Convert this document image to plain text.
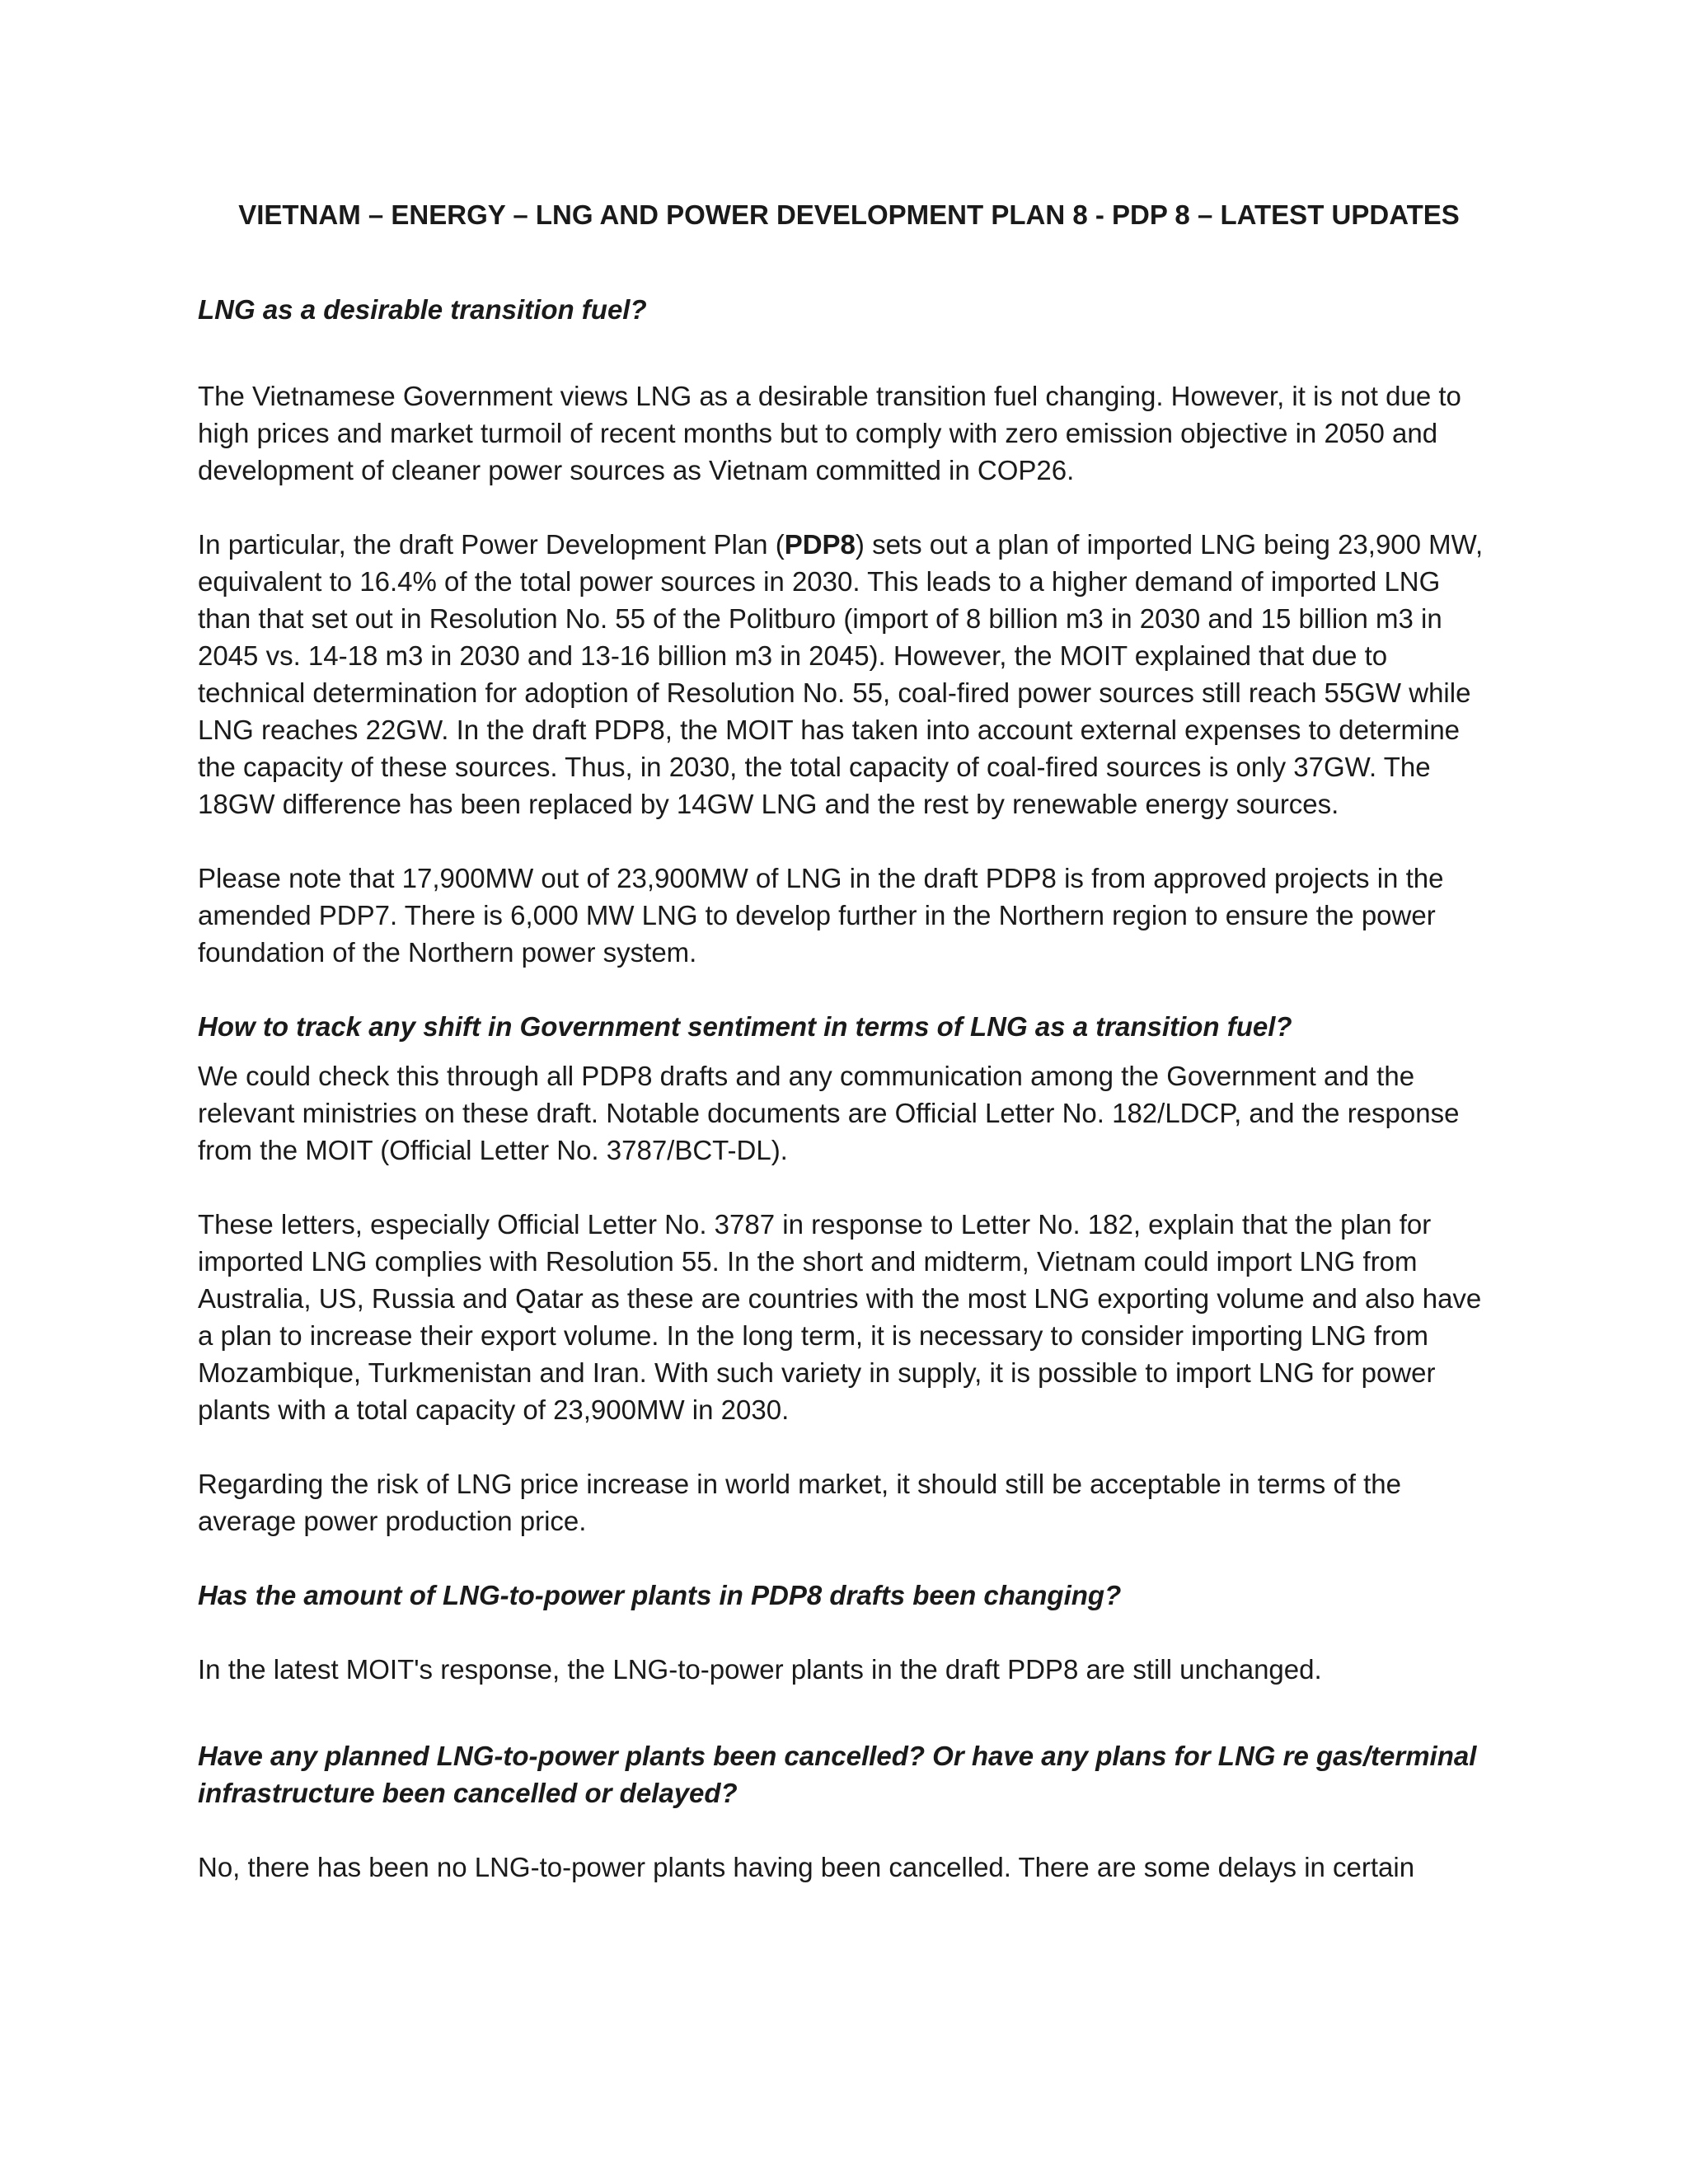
VIETNAM – ENERGY – LNG AND POWER DEVELOPMENT PLAN 8 - PDP 8 – LATEST UPDATES

LNG as a desirable transition fuel?

The Vietnamese Government views LNG as a desirable transition fuel changing. However, it is not due to high prices and market turmoil of recent months but to comply with zero emission objective in 2050 and development of cleaner power sources as Vietnam committed in COP26.

In particular, the draft Power Development Plan (PDP8) sets out a plan of imported LNG being 23,900 MW, equivalent to 16.4% of the total power sources in 2030. This leads to a higher demand of imported LNG than that set out in Resolution No. 55 of the Politburo (import of 8 billion m3 in 2030 and 15 billion m3 in 2045 vs. 14-18 m3 in 2030 and 13-16 billion m3 in 2045). However, the MOIT explained that due to technical determination for adoption of Resolution No. 55, coal-fired power sources still reach 55GW while LNG reaches 22GW. In the draft PDP8, the MOIT has taken into account external expenses to determine the capacity of these sources. Thus, in 2030, the total capacity of coal-fired sources is only 37GW. The 18GW difference has been replaced by 14GW LNG and the rest by renewable energy sources.

Please note that 17,900MW out of 23,900MW of LNG in the draft PDP8 is from approved projects in the amended PDP7. There is 6,000 MW LNG to develop further in the Northern region to ensure the power foundation of the Northern power system.

How to track any shift in Government sentiment in terms of LNG as a transition fuel?

We could check this through all PDP8 drafts and any communication among the Government and the relevant ministries on these draft. Notable documents are Official Letter No. 182/LDCP, and the response from the MOIT (Official Letter No. 3787/BCT-DL).

These letters, especially Official Letter No. 3787 in response to Letter No. 182, explain that the plan for imported LNG complies with Resolution 55. In the short and midterm, Vietnam could import LNG from Australia, US, Russia and Qatar as these are countries with the most LNG exporting volume and also have a plan to increase their export volume. In the long term, it is necessary to consider importing LNG from Mozambique, Turkmenistan and Iran. With such variety in supply, it is possible to import LNG for power plants with a total capacity of 23,900MW in 2030.

Regarding the risk of LNG price increase in world market, it should still be acceptable in terms of the average power production price.

Has the amount of LNG-to-power plants in PDP8 drafts been changing?

In the latest MOIT's response, the LNG-to-power plants in the draft PDP8 are still unchanged.

Have any planned LNG-to-power plants been cancelled? Or have any plans for LNG re gas/terminal infrastructure been cancelled or delayed?

No, there has been no LNG-to-power plants having been cancelled. There are some delays in certain
